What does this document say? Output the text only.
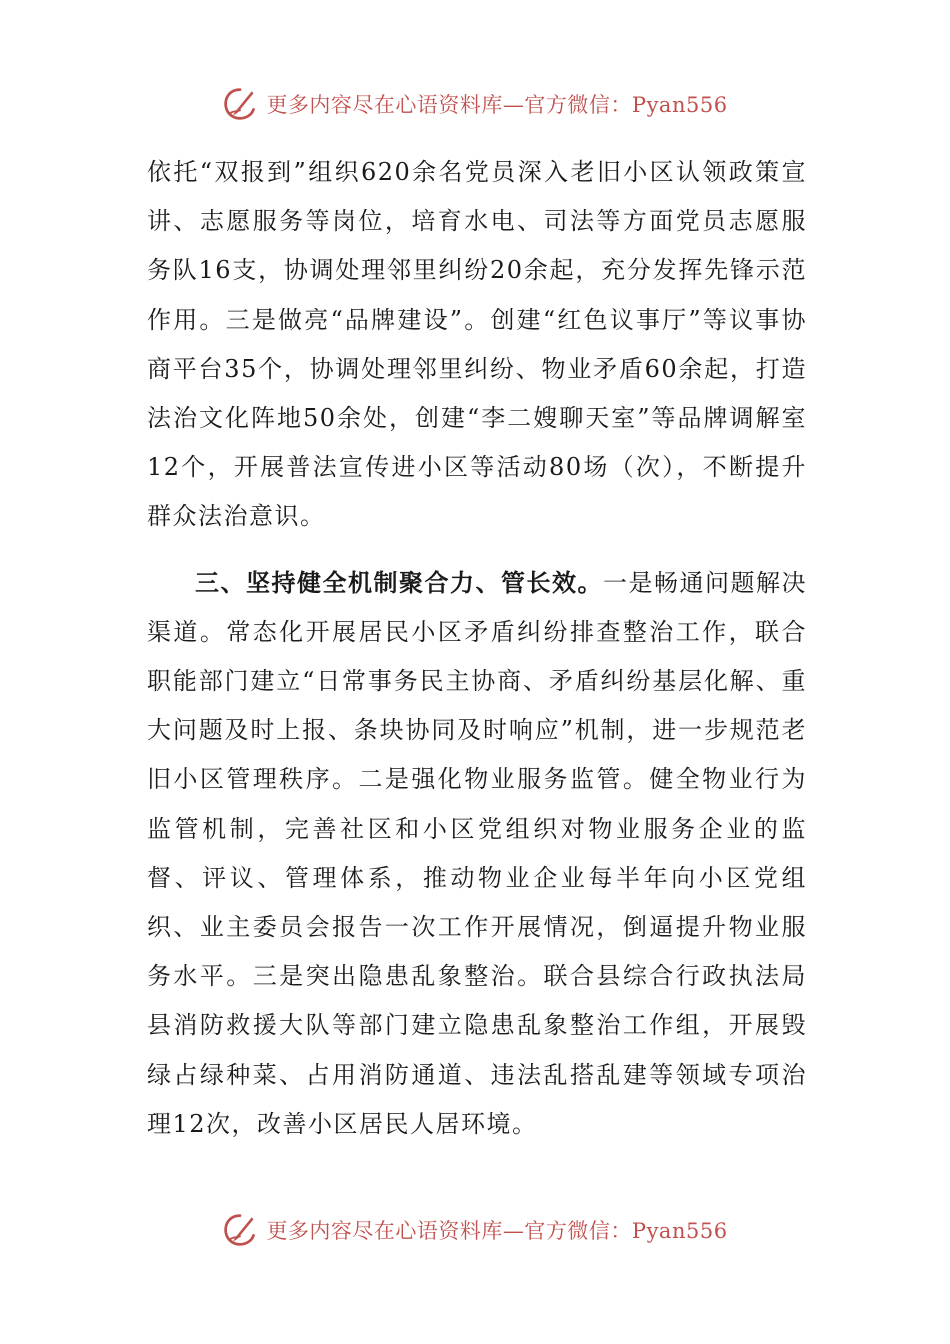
更多内容尽在心语资料库—官方微信：Pyan556

依托“双报到”组织620余名党员深入老旧小区认领政策宣讲、志愿服务等岗位，培育水电、司法等方面党员志愿服务队16支，协调处理邻里纠纷20余起，充分发挥先锋示范作用。三是做亮“品牌建设”。创建“红色议事厅”等议事协商平台35个，协调处理邻里纠纷、物业矛盾60余起，打造法治文化阵地50余处，创建“李二嫂聊天室”等品牌调解室12个，开展普法宣传进小区等活动80场（次），不断提升群众法治意识。

三、坚持健全机制聚合力、管长效。一是畅通问题解决渠道。常态化开展居民小区矛盾纠纷排查整治工作，联合职能部门建立“日常事务民主协商、矛盾纠纷基层化解、重大问题及时上报、条块协同及时响应”机制，进一步规范老旧小区管理秩序。二是强化物业服务监管。健全物业行为监管机制，完善社区和小区党组织对物业服务企业的监督、评议、管理体系，推动物业企业每半年向小区党组织、业主委员会报告一次工作开展情况，倒逼提升物业服务水平。三是突出隐患乱象整治。联合县综合行政执法局县消防救援大队等部门建立隐患乱象整治工作组，开展毁绿占绿种菜、占用消防通道、违法乱搭乱建等领域专项治理12次，改善小区居民人居环境。

更多内容尽在心语资料库—官方微信：Pyan556
